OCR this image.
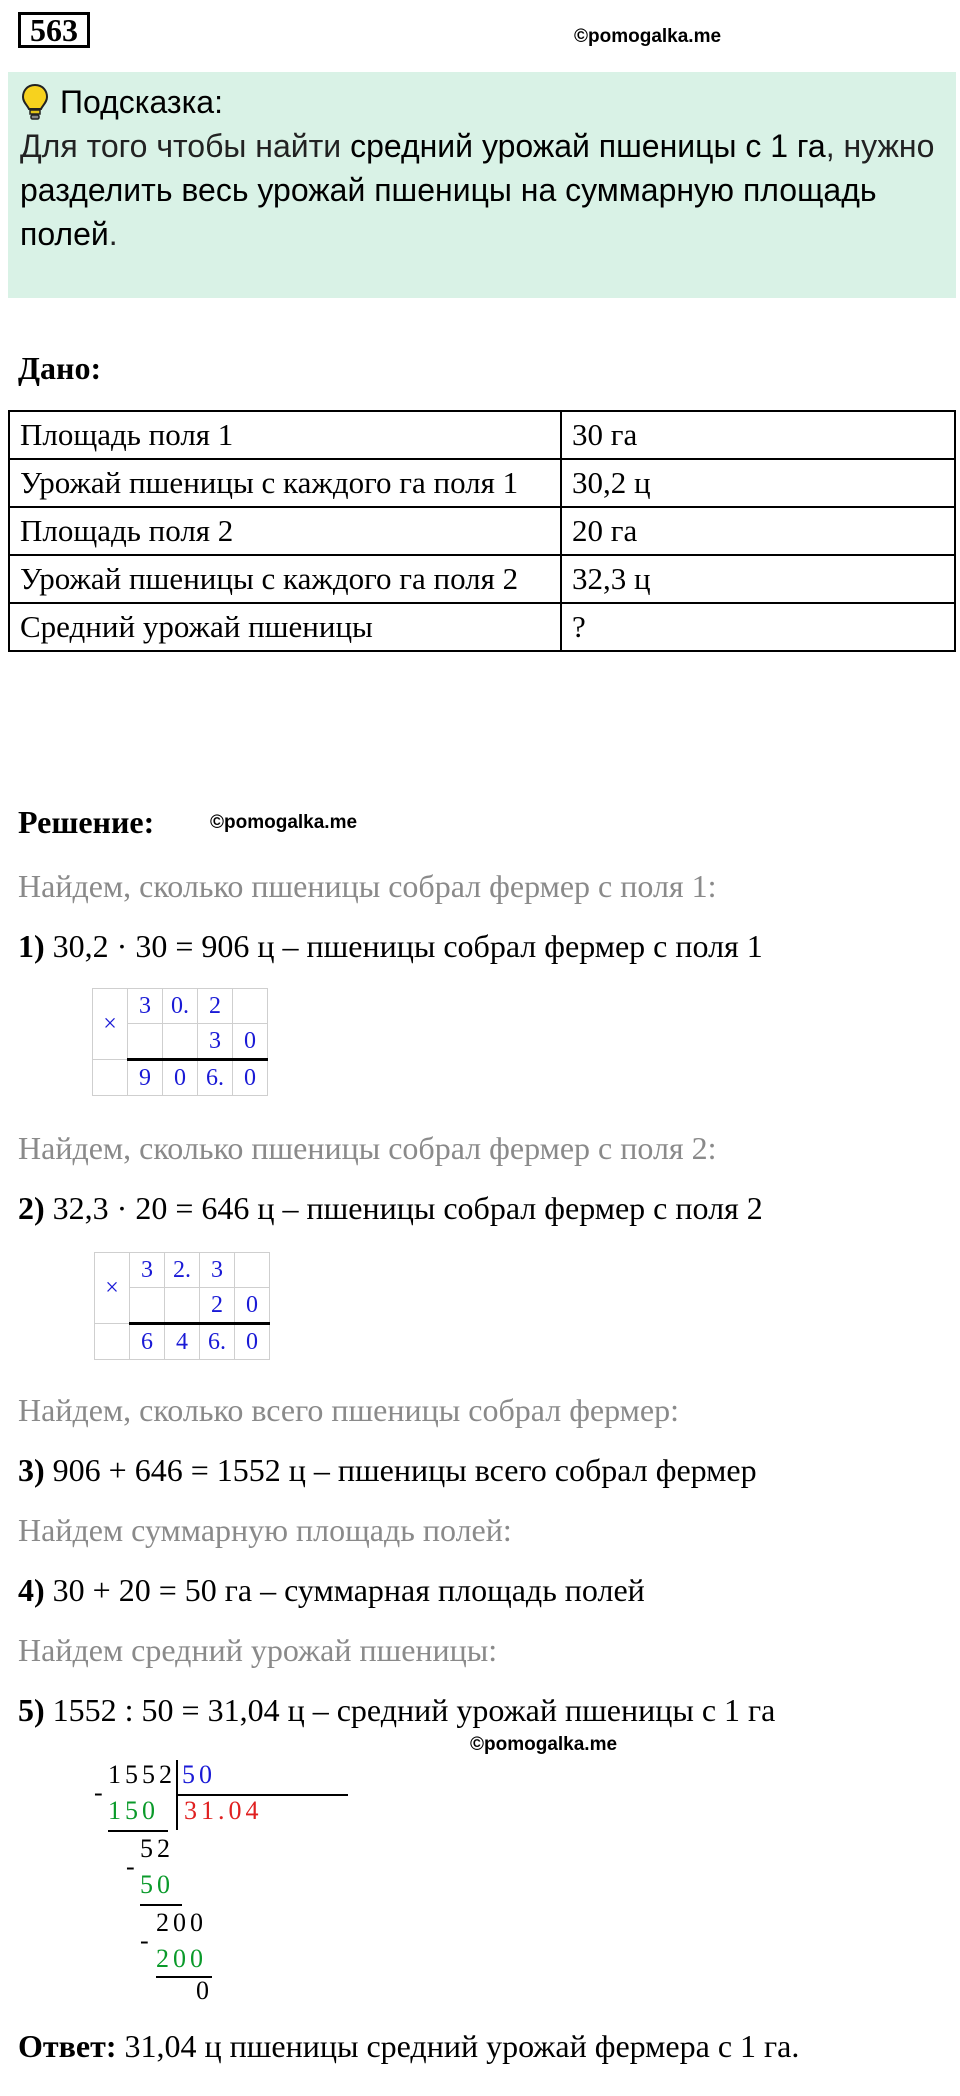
563	©pomogalka.me
Подсказка:
Для того чтобы найти средний урожай пшеницы с 1 га, нужно разделить весь урожай пшеницы на суммарную площадь полей.
Дано:
Площадь поля 1	30 га
Урожай пшеницы с каждого га поля 1	30,2 ц
Площадь поля 2	20 га
Урожай пшеницы с каждого га поля 2	32,3 ц
Средний урожай пшеницы	?
Решение:	©pomogalka.me
Найдем, сколько пшеницы собрал фермер с поля 1:
1) 30,2 · 30 = 906 ц – пшеницы собрал фермер с поля 1
×	3	0.	2	
			3	0
	9	0	6.	0
Найдем, сколько пшеницы собрал фермер с поля 2:
2) 32,3 · 20 = 646 ц – пшеницы собрал фермер с поля 2
×	3	2.	3	
			2	0
	6	4	6.	0
Найдем, сколько всего пшеницы собрал фермер:
3) 906 + 646 = 1552 ц – пшеницы всего собрал фермер
Найдем суммарную площадь полей:
4) 30 + 20 = 50 га – суммарная площадь полей
Найдем средний урожай пшеницы:
5) 1552 : 50 = 31,04 ц – средний урожай пшеницы с 1 га
©pomogalka.me
1552 50
31.04
-
150
52
-
50
200
-
200
0
Ответ: 31,04 ц пшеницы средний урожай фермера с 1 га.
